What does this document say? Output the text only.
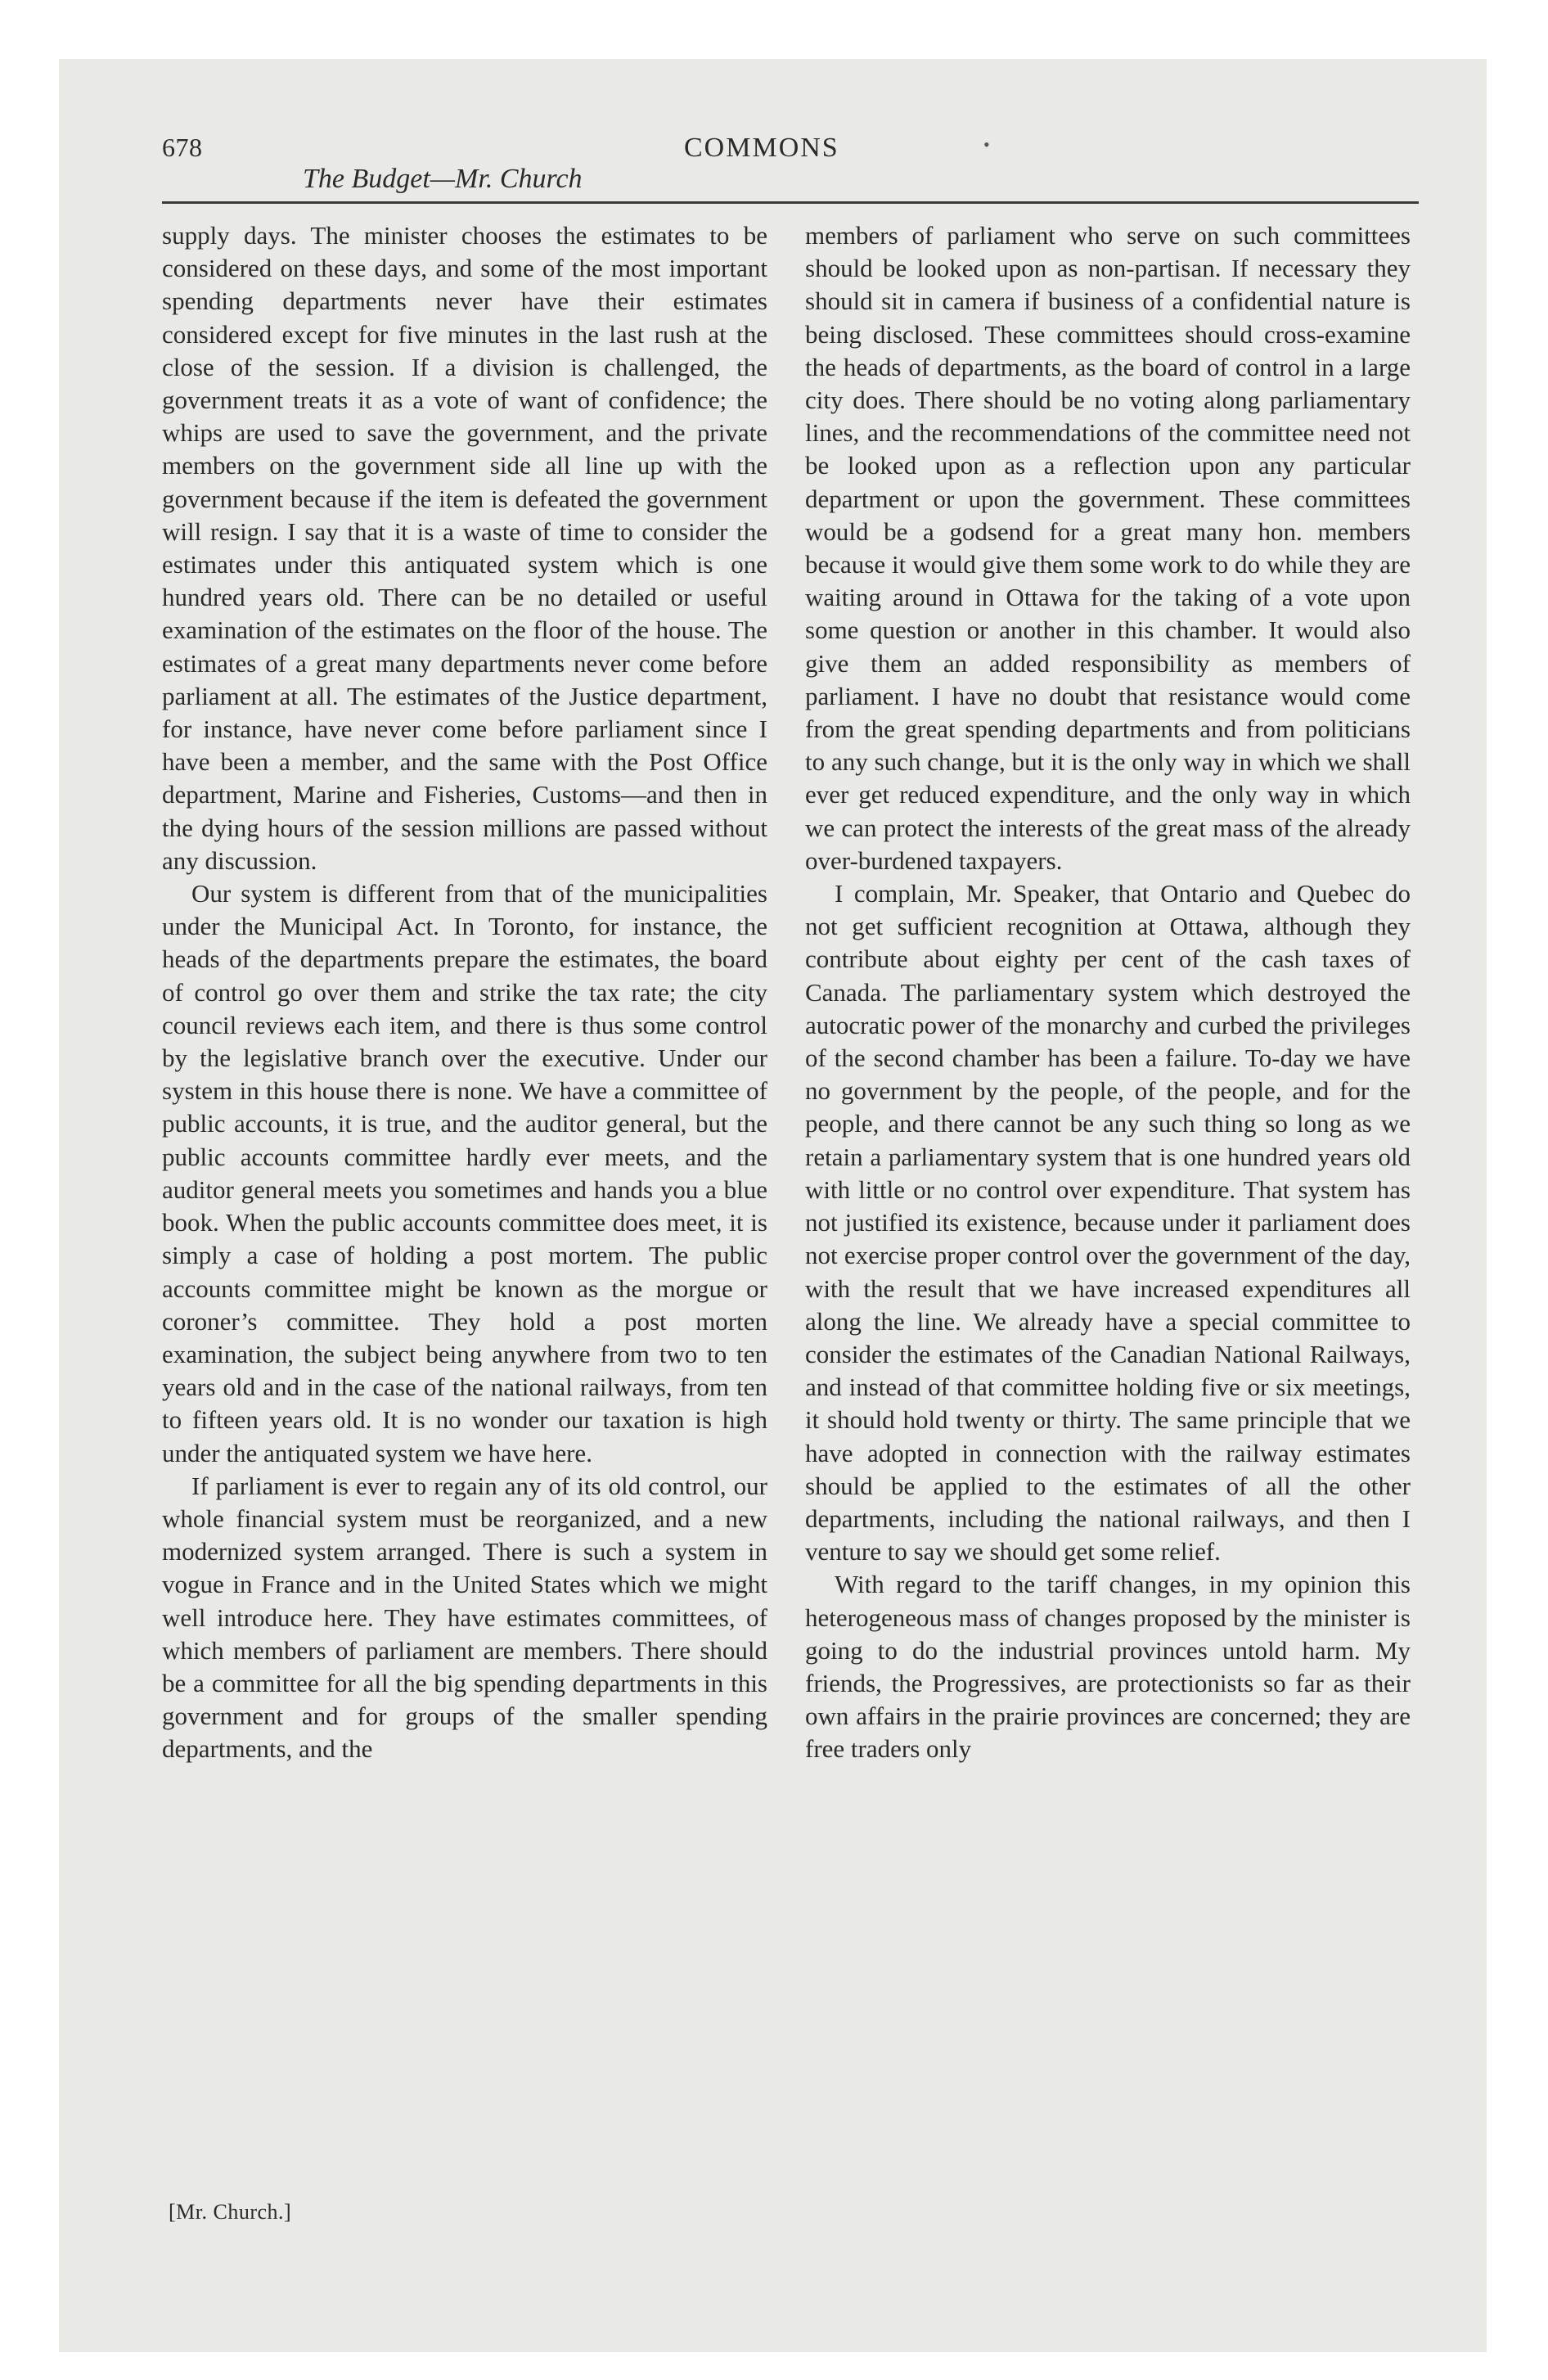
678
The Budget—Mr. Church
COMMONS	•

supply days. The minister chooses the estimates to be considered on these days, and some of the most important spending departments never have their estimates considered except for five minutes in the last rush at the close of the session. If a division is challenged, the government treats it as a vote of want of confidence; the whips are used to save the government, and the private members on the government side all line up with the government because if the item is defeated the government will resign. I say that it is a waste of time to consider the estimates under this antiquated system which is one hundred years old. There can be no detailed or useful examination of the estimates on the floor of the house. The estimates of a great many departments never come before parliament at all. The estimates of the Justice department, for instance, have never come before parliament since I have been a member, and the same with the Post Office department, Marine and Fisheries, Customs—and then in the dying hours of the session millions are passed without any discussion.

Our system is different from that of the municipalities under the Municipal Act. In Toronto, for instance, the heads of the departments prepare the estimates, the board of control go over them and strike the tax rate; the city council reviews each item, and there is thus some control by the legislative branch over the executive. Under our system in this house there is none. We have a committee of public accounts, it is true, and the auditor general, but the public accounts committee hardly ever meets, and the auditor general meets you sometimes and hands you a blue book. When the public accounts committee does meet, it is simply a case of holding a post mortem. The public accounts committee might be known as the morgue or coroner’s committee. They hold a post morten examination, the subject being anywhere from two to ten years old and in the case of the national railways, from ten to fifteen years old. It is no wonder our taxation is high under the antiquated system we have here.

If parliament is ever to regain any of its old control, our whole financial system must be reorganized, and a new modernized system arranged. There is such a system in vogue in France and in the United States which we might well introduce here. They have estimates committees, of which members of parliament are members. There should be a committee for all the big spending departments in this government and for groups of the smaller spending departments, and the

members of parliament who serve on such committees should be looked upon as non-partisan. If necessary they should sit in camera if business of a confidential nature is being disclosed. These committees should cross-examine the heads of departments, as the board of control in a large city does. There should be no voting along parliamentary lines, and the recommendations of the committee need not be looked upon as a reflection upon any particular department or upon the government. These committees would be a godsend for a great many hon. members because it would give them some work to do while they are waiting around in Ottawa for the taking of a vote upon some question or another in this chamber. It would also give them an added responsibility as members of parliament. I have no doubt that resistance would come from the great spending departments and from politicians to any such change, but it is the only way in which we shall ever get reduced expenditure, and the only way in which we can protect the interests of the great mass of the already over-burdened taxpayers.

I complain, Mr. Speaker, that Ontario and Quebec do not get sufficient recognition at Ottawa, although they contribute about eighty per cent of the cash taxes of Canada. The parliamentary system which destroyed the autocratic power of the monarchy and curbed the privileges of the second chamber has been a failure. To-day we have no government by the people, of the people, and for the people, and there cannot be any such thing so long as we retain a parliamentary system that is one hundred years old with little or no control over expenditure. That system has not justified its existence, because under it parliament does not exercise proper control over the government of the day, with the result that we have increased expenditures all along the line. We already have a special committee to consider the estimates of the Canadian National Railways, and instead of that committee holding five or six meetings, it should hold twenty or thirty. The same principle that we have adopted in connection with the railway estimates should be applied to the estimates of all the other departments, including the national railways, and then I venture to say we should get some relief.

With regard to the tariff changes, in my opinion this heterogeneous mass of changes proposed by the minister is going to do the industrial provinces untold harm. My friends, the Progressives, are protectionists so far as their own affairs in the prairie provinces are concerned; they are free traders only

[Mr. Church.]
